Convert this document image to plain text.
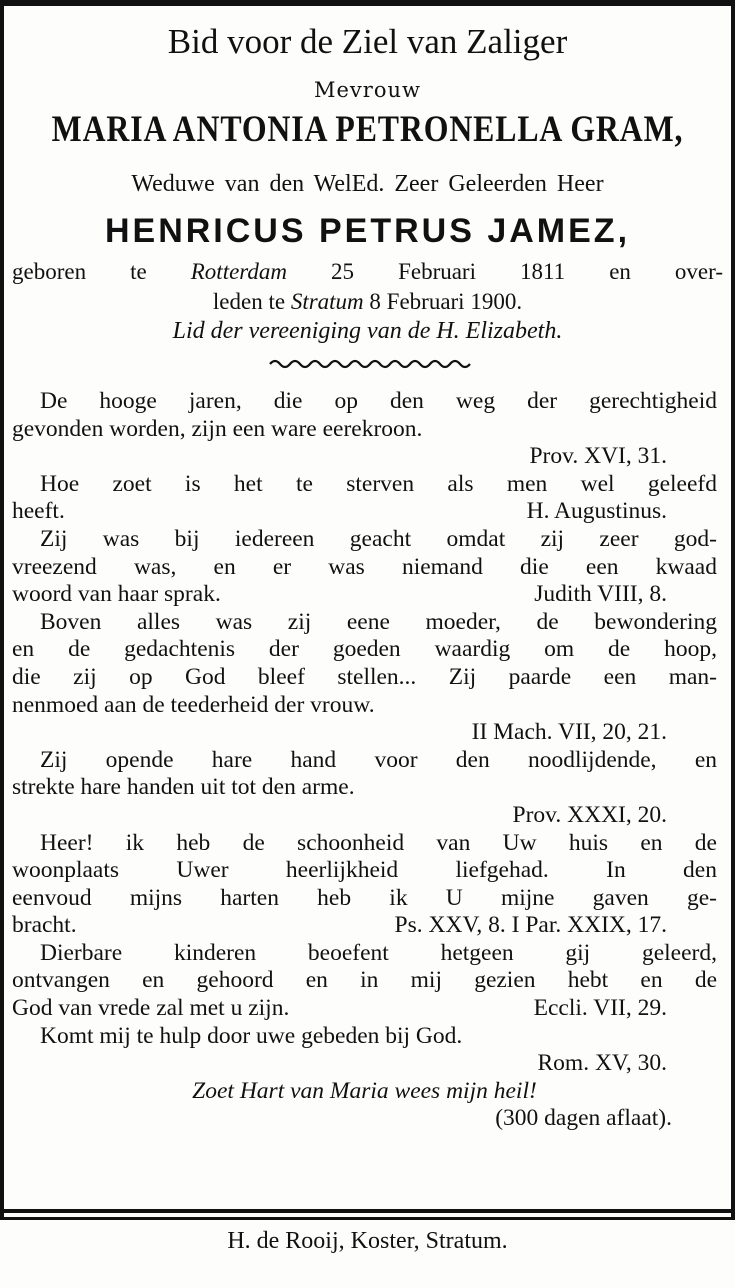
Bid voor de Ziel van Zaliger
Mevrouw
MARIA ANTONIA PETRONELLA GRAM,
Weduwe van den WelEd. Zeer Geleerden Heer
HENRICUS PETRUS JAMEZ,
geboren te Rotterdam 25 Februari 1811 en over-
leden te Stratum 8 Februari 1900.
Lid der vereeniging van de H. Elizabeth.
De hooge jaren, die op den weg der gerechtigheid
gevonden worden, zijn een ware eerekroon.
Prov. XVI, 31.
Hoe zoet is het te sterven als men wel geleefd
heeft.	H. Augustinus.
Zij was bij iedereen geacht omdat zij zeer god-
vreezend was, en er was niemand die een kwaad
woord van haar sprak.	Judith VIII, 8.
Boven alles was zij eene moeder, de bewondering
en de gedachtenis der goeden waardig om de hoop,
die zij op God bleef stellen... Zij paarde een man-
nenmoed aan de teederheid der vrouw.
II Mach. VII, 20, 21.
Zij opende hare hand voor den noodlijdende, en
strekte hare handen uit tot den arme.
Prov. XXXI, 20.
Heer! ik heb de schoonheid van Uw huis en de
woonplaats Uwer heerlijkheid liefgehad. In den
eenvoud mijns harten heb ik U mijne gaven ge-
bracht.	Ps. XXV, 8. I Par. XXIX, 17.
Dierbare kinderen beoefent hetgeen gij geleerd,
ontvangen en gehoord en in mij gezien hebt en de
God van vrede zal met u zijn.	Eccli. VII, 29.
Komt mij te hulp door uwe gebeden bij God.
Rom. XV, 30.
Zoet Hart van Maria wees mijn heil!
(300 dagen aflaat).
H. de Rooij, Koster, Stratum.
